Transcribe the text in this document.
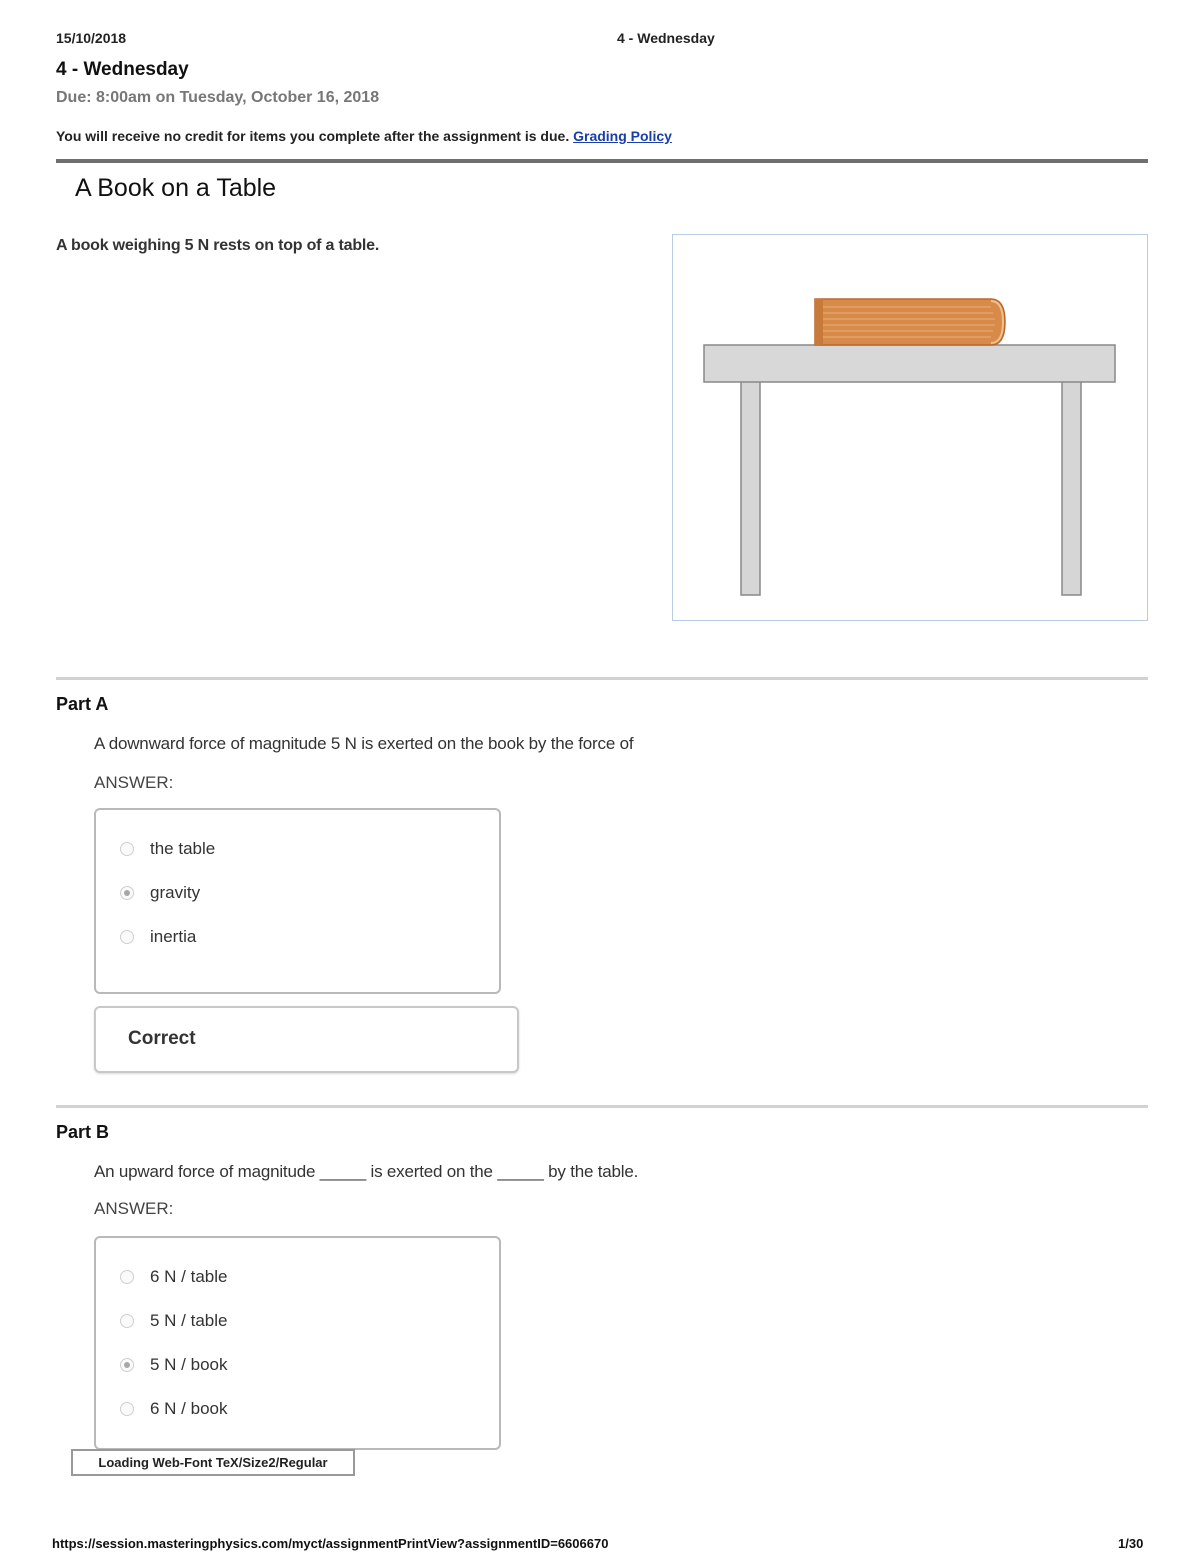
15/10/2018	4 - Wednesday
4 - Wednesday
Due: 8:00am on Tuesday, October 16, 2018
You will receive no credit for items you complete after the assignment is due. Grading Policy
A Book on a Table
A book weighing 5 N rests on top of a table.
Part A
A downward force of magnitude 5 N is exerted on the book by the force of
ANSWER:
the table
gravity
inertia
Correct
Part B
An upward force of magnitude _____ is exerted on the _____ by the table.
ANSWER:
6 N / table
5 N / table
5 N / book
6 N / book
Loading Web-Font TeX/Size2/Regular
https://session.masteringphysics.com/myct/assignmentPrintView?assignmentID=6606670	1/30
